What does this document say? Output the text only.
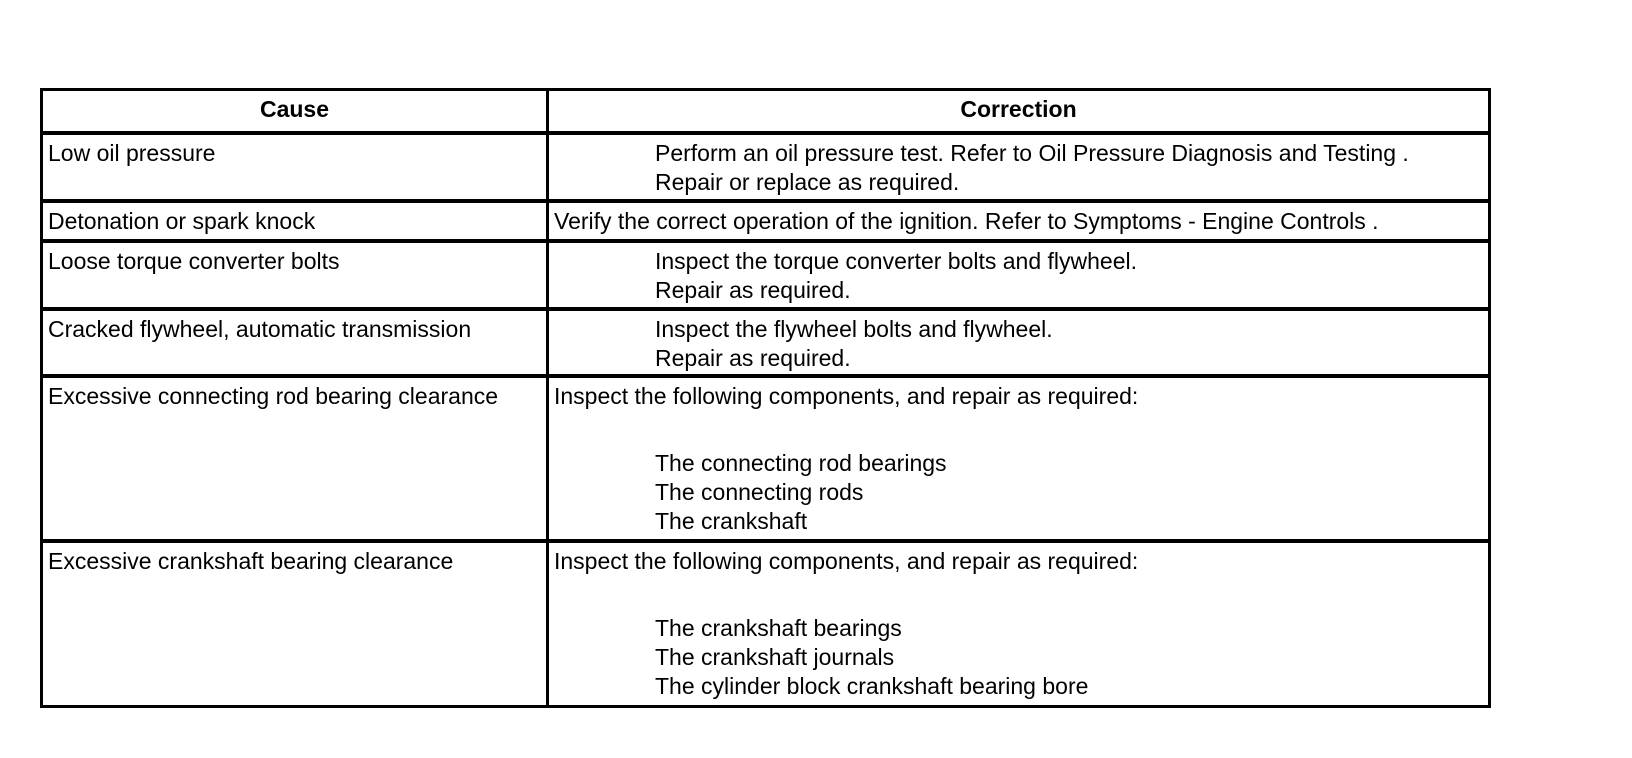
Cause	Correction
Low oil pressure	Perform an oil pressure test. Refer to Oil Pressure Diagnosis and Testing .
Repair or replace as required.
Detonation or spark knock	Verify the correct operation of the ignition. Refer to Symptoms - Engine Controls .
Loose torque converter bolts	Inspect the torque converter bolts and flywheel.
Repair as required.
Cracked flywheel, automatic transmission	Inspect the flywheel bolts and flywheel.
Repair as required.
Excessive connecting rod bearing clearance	Inspect the following components, and repair as required:
The connecting rod bearings
The connecting rods
The crankshaft
Excessive crankshaft bearing clearance	Inspect the following components, and repair as required:
The crankshaft bearings
The crankshaft journals
The cylinder block crankshaft bearing bore
